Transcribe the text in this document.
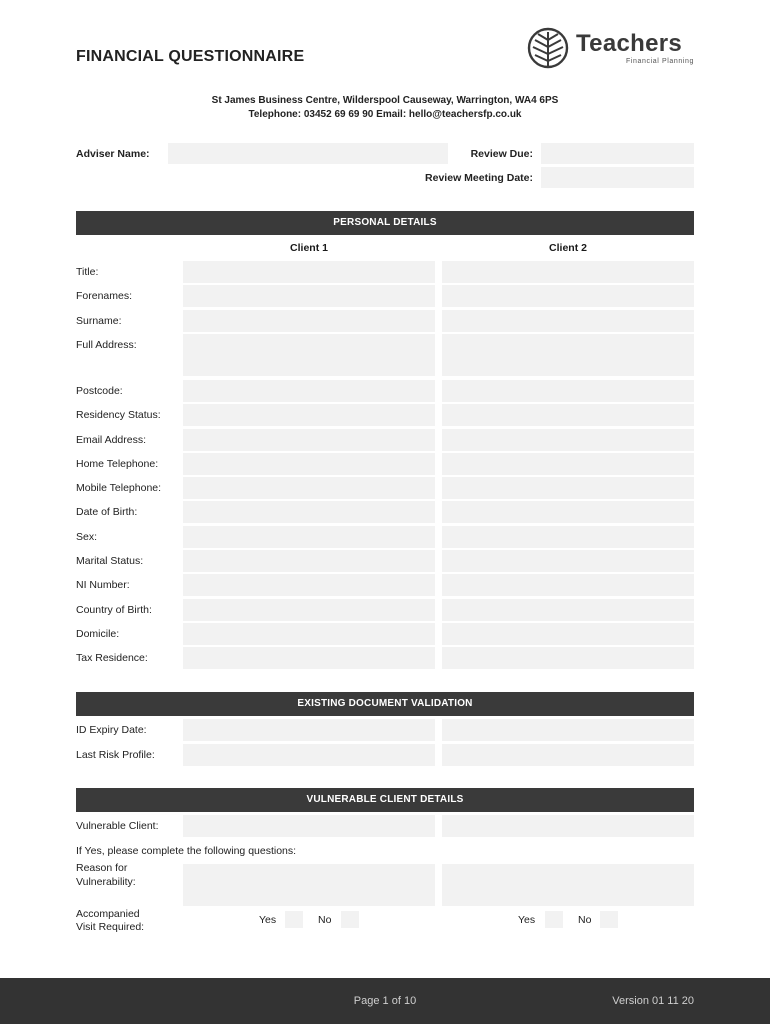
FINANCIAL QUESTIONNAIRE	Teachers
Financial Planning
St James Business Centre, Wilderspool Causeway, Warrington, WA4 6PS
Telephone: 03452 69 69 90 Email: hello@teachersfp.co.uk
Adviser Name:	Review Due:
Review Meeting Date:
PERSONAL DETAILS
Client 1	Client 2
Title:
Forenames:
Surname:
Full Address:
Postcode:
Residency Status:
Email Address:
Home Telephone:
Mobile Telephone:
Date of Birth:
Sex:
Marital Status:
NI Number:
Country of Birth:
Domicile:
Tax Residence:
EXISTING DOCUMENT VALIDATION
ID Expiry Date:
Last Risk Profile:
VULNERABLE CLIENT DETAILS
Vulnerable Client:
If Yes, please complete the following questions:
Reason for
Vulnerability:
Accompanied
Visit Required:
Yes	No	Yes	No
Page 1 of 10	Version 01 11 20
